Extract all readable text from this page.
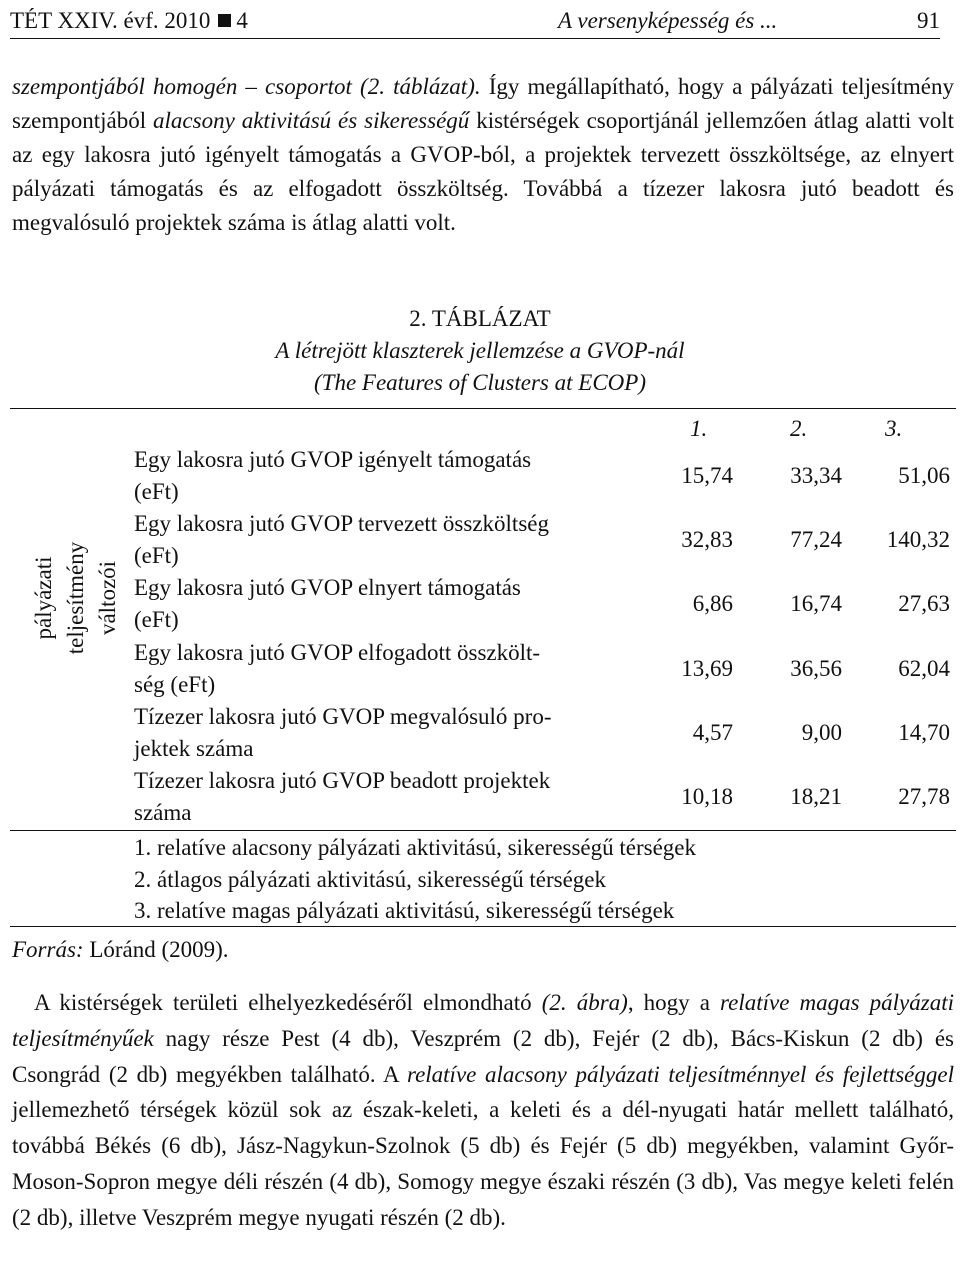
TÉT XXIV. évf. 2010 4	A versenyképesség és ...	91

szempontjából homogén – csoportot (2. táblázat). Így megállapítható, hogy a pályázati teljesítmény szempontjából alacsony aktivitású és sikerességű kistérségek csoportjánál jellemzően átlag alatti volt az egy lakosra jutó igényelt támogatás a GVOP-ból, a projektek tervezett összköltsége, az elnyert pályázati támogatás és az elfogadott összköltség. Továbbá a tízezer lakosra jutó beadott és megvalósuló projektek száma is átlag alatti volt.

2. TÁBLÁZAT
A létrejött klaszterek jellemzése a GVOP-nál
(The Features of Clusters at ECOP)
pályázati teljesítmény változói
1.	2.	3.
Egy lakosra jutó GVOP igényelt támogatás
(eFt)
15,74	33,34	51,06
Egy lakosra jutó GVOP tervezett összköltség
(eFt)
32,83	77,24	140,32
Egy lakosra jutó GVOP elnyert támogatás
(eFt)
6,86	16,74	27,63
Egy lakosra jutó GVOP elfogadott összkölt-
ség (eFt)
13,69	36,56	62,04
Tízezer lakosra jutó GVOP megvalósuló pro-
jektek száma
4,57	9,00	14,70
Tízezer lakosra jutó GVOP beadott projektek
száma
10,18	18,21	27,78
1. relatíve alacsony pályázati aktivitású, sikerességű térségek
2. átlagos pályázati aktivitású, sikerességű térségek
3. relatíve magas pályázati aktivitású, sikerességű térségek
Forrás: Lóránd (2009).

A kistérségek területi elhelyezkedéséről elmondható (2. ábra), hogy a relatíve magas pályázati teljesítményűek nagy része Pest (4 db), Veszprém (2 db), Fejér (2 db), Bács-Kiskun (2 db) és Csongrád (2 db) megyékben található. A relatíve alacsony pályázati teljesítménnyel és fejlettséggel jellemezhető térségek közül sok az észak-keleti, a keleti és a dél-nyugati határ mellett található, továbbá Békés (6 db), Jász-Nagykun-Szolnok (5 db) és Fejér (5 db) megyékben, valamint Győr-Moson-Sopron megye déli részén (4 db), Somogy megye északi részén (3 db), Vas megye keleti felén (2 db), illetve Veszprém megye nyugati részén (2 db).
